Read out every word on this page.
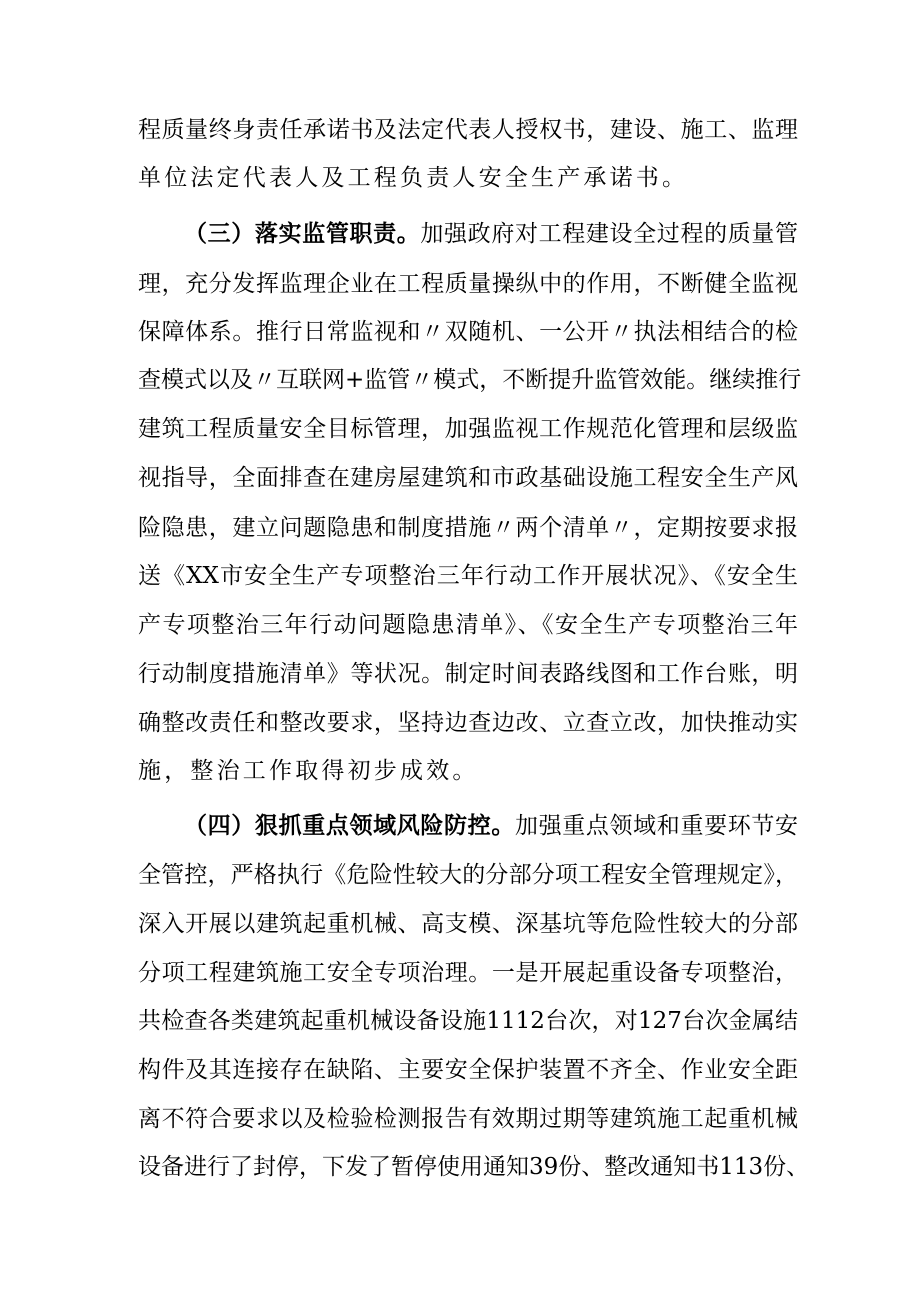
程质量终身责任承诺书及法定代表人授权书，建设、施工、监理
单位法定代表人及工程负责人安全生产承诺书。
（三）落实监管职责。加强政府对工程建设全过程的质量管
理，充分发挥监理企业在工程质量操纵中的作用，不断健全监视
保障体系。推行日常监视和〃双随机、一公开〃执法相结合的检
查模式以及〃互联网+监管〃模式，不断提升监管效能。继续推行
建筑工程质量安全目标管理，加强监视工作规范化管理和层级监
视指导，全面排查在建房屋建筑和市政基础设施工程安全生产风
险隐患，建立问题隐患和制度措施〃两个清单〃，定期按要求报
送《XX市安全生产专项整治三年行动工作开展状况》、《安全生
产专项整治三年行动问题隐患清单》、《安全生产专项整治三年
行动制度措施清单》等状况。制定时间表路线图和工作台账，明
确整改责任和整改要求，坚持边查边改、立查立改，加快推动实
施，整治工作取得初步成效。
（四）狠抓重点领域风险防控。加强重点领域和重要环节安
全管控，严格执行《危险性较大的分部分项工程安全管理规定》，
深入开展以建筑起重机械、高支模、深基坑等危险性较大的分部
分项工程建筑施工安全专项治理。一是开展起重设备专项整治，
共检查各类建筑起重机械设备设施1112台次，对127台次金属结
构件及其连接存在缺陷、主要安全保护装置不齐全、作业安全距
离不符合要求以及检验检测报告有效期过期等建筑施工起重机械
设备进行了封停，下发了暂停使用通知39份、整改通知书113份、
